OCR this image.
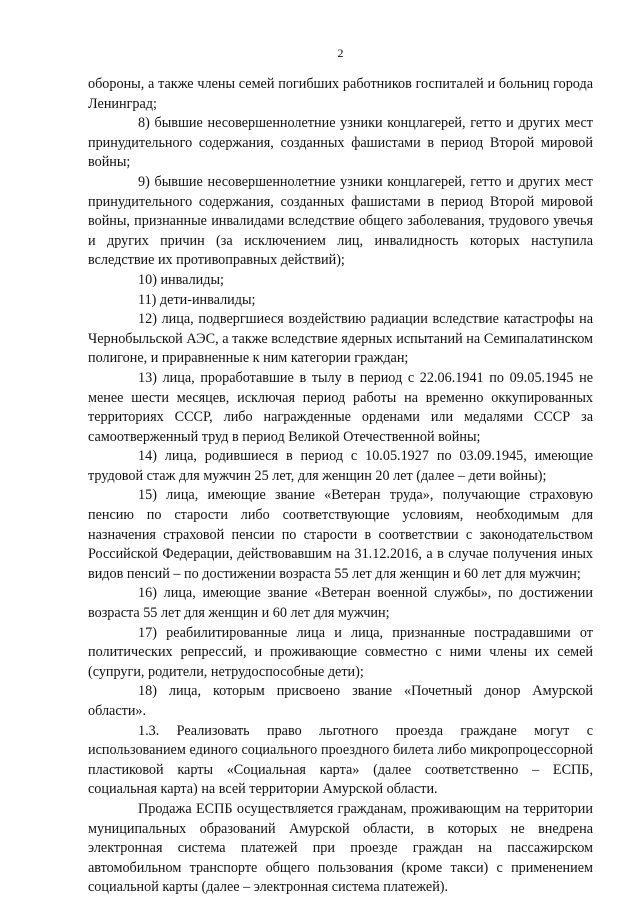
2

обороны, а также члены семей погибших работников госпиталей и больниц города Ленинград;

8) бывшие несовершеннолетние узники концлагерей, гетто и других мест принудительного содержания, созданных фашистами в период Второй мировой войны;

9) бывшие несовершеннолетние узники концлагерей, гетто и других мест принудительного содержания, созданных фашистами в период Второй мировой войны, признанные инвалидами вследствие общего заболевания, трудового увечья и других причин (за исключением лиц, инвалидность которых наступила вследствие их противоправных действий);

10) инвалиды;

11) дети-инвалиды;

12) лица, подвергшиеся воздействию радиации вследствие катастрофы на Чернобыльской АЭС, а также вследствие ядерных испытаний на Семипалатинском полигоне, и приравненные к ним категории граждан;

13) лица, проработавшие в тылу в период с 22.06.1941 по 09.05.1945 не менее шести месяцев, исключая период работы на временно оккупированных территориях СССР, либо награжденные орденами или медалями СССР за самоотверженный труд в период Великой Отечественной войны;

14) лица, родившиеся в период с 10.05.1927 по 03.09.1945, имеющие трудовой стаж для мужчин 25 лет, для женщин 20 лет (далее – дети войны);

15) лица, имеющие звание «Ветеран труда», получающие страховую пенсию по старости либо соответствующие условиям, необходимым для назначения страховой пенсии по старости в соответствии с законодательством Российской Федерации, действовавшим на 31.12.2016, а в случае получения иных видов пенсий – по достижении возраста 55 лет для женщин и 60 лет для мужчин;

16) лица, имеющие звание «Ветеран военной службы», по достижении возраста 55 лет для женщин и 60 лет для мужчин;

17) реабилитированные лица и лица, признанные пострадавшими от политических репрессий, и проживающие совместно с ними члены их семей (супруги, родители, нетрудоспособные дети);

18) лица, которым присвоено звание «Почетный донор Амурской области».

1.3. Реализовать право льготного проезда граждане могут с использованием единого социального проездного билета либо микропроцессорной пластиковой карты «Социальная карта» (далее соответственно – ЕСПБ, социальная карта) на всей территории Амурской области.

Продажа ЕСПБ осуществляется гражданам, проживающим на территории муниципальных образований Амурской области, в которых не внедрена электронная система платежей при проезде граждан на пассажирском автомобильном транспорте общего пользования (кроме такси) с применением социальной карты (далее – электронная система платежей).
